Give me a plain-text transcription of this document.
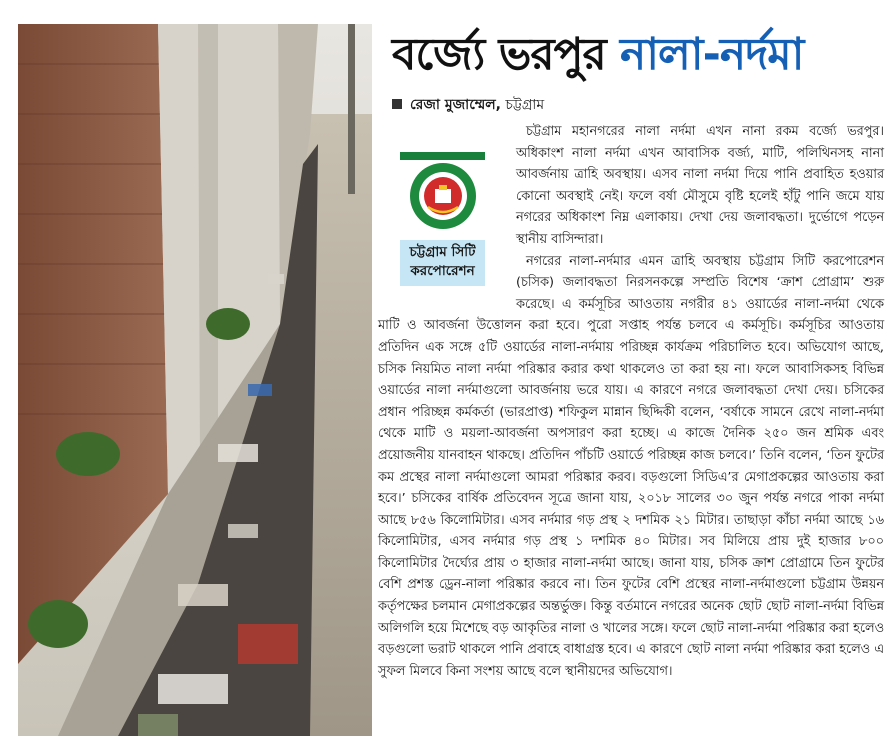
বর্জ্যে ভরপুর নালা-নর্দমা
রেজা মুজাম্মেল, চট্টগ্রাম
চট্টগ্রাম সিটি
করপোরেশন

চট্টগ্রাম মহানগরের নালা নর্দমা এখন নানা রকম বর্জ্যে ভরপুর। অধিকাংশ নালা নর্দমা এখন আবাসিক বর্জ্য, মাটি, পলিথিনসহ নানা আবর্জনায় ত্রাহি অবস্থায়। এসব নালা নর্দমা দিয়ে পানি প্রবাহিত হওয়ার কোনো অবস্থাই নেই। ফলে বর্ষা মৌসুমে বৃষ্টি হলেই হাঁটু পানি জমে যায় নগরের অধিকাংশ নিম্ন এলাকায়। দেখা দেয় জলাবদ্ধতা। দুর্ভোগে পড়েন স্থানীয় বাসিন্দারা।

নগরের নালা-নর্দমার এমন ত্রাহি অবস্থায় চট্টগ্রাম সিটি করপোরেশন (চসিক) জলাবদ্ধতা নিরসনকল্পে সম্প্রতি বিশেষ ‘ক্রাশ প্রোগ্রাম’ শুরু করেছে। এ কর্মসূচির আওতায় নগরীর ৪১ ওয়ার্ডের নালা-নর্দমা থেকে মাটি ও আবর্জনা উত্তোলন করা হবে। পুরো সপ্তাহ পর্যন্ত চলবে এ কর্মসূচি। কর্মসূচির আওতায় প্রতিদিন এক সঙ্গে ৫টি ওয়ার্ডের নালা-নর্দমায় পরিচ্ছন্ন কার্যক্রম পরিচালিত হবে। অভিযোগ আছে, চসিক নিয়মিত নালা নর্দমা পরিষ্কার করার কথা থাকলেও তা করা হয় না। ফলে আবাসিকসহ বিভিন্ন ওয়ার্ডের নালা নর্দমাগুলো আবর্জনায় ভরে যায়। এ কারণে নগরে জলাবদ্ধতা দেখা দেয়। চসিকের প্রধান পরিচ্ছন্ন কর্মকর্তা (ভারপ্রাপ্ত) শফিকুল মান্নান ছিদ্দিকী বলেন, ‘বর্ষাকে সামনে রেখে নালা-নর্দমা থেকে মাটি ও ময়লা-আবর্জনা অপসারণ করা হচ্ছে। এ কাজে দৈনিক ২৫০ জন শ্রমিক এবং প্রয়োজনীয় যানবাহন থাকছে। প্রতিদিন পাঁচটি ওয়ার্ডে পরিচ্ছন্ন কাজ চলবে।’ তিনি বলেন, ‘তিন ফুটের কম প্রস্থের নালা নর্দমাগুলো আমরা পরিষ্কার করব। বড়গুলো সিডিএ’র মেগাপ্রকল্পের আওতায় করা হবে।’ চসিকের বার্ষিক প্রতিবেদন সূত্রে জানা যায়, ২০১৮ সালের ৩০ জুন পর্যন্ত নগরে পাকা নর্দমা আছে ৮৫৬ কিলোমিটার। এসব নর্দমার গড় প্রস্থ ২ দশমিক ২১ মিটার। তাছাড়া কাঁচা নর্দমা আছে ১৬ কিলোমিটার, এসব নর্দমার গড় প্রস্থ ১ দশমিক ৪০ মিটার। সব মিলিয়ে প্রায় দুই হাজার ৮০০ কিলোমিটার দৈর্ঘ্যের প্রায় ৩ হাজার নালা-নর্দমা আছে। জানা যায়, চসিক ক্রাশ প্রোগ্রামে তিন ফুটের বেশি প্রশস্ত ড্রেন-নালা পরিষ্কার করবে না। তিন ফুটের বেশি প্রস্থের নালা-নর্দমাগুলো চট্টগ্রাম উন্নয়ন কর্তৃপক্ষের চলমান মেগাপ্রকল্পের অন্তর্ভুক্ত। কিন্তু বর্তমানে নগরের অনেক ছোট ছোট নালা-নর্দমা বিভিন্ন অলিগলি হয়ে মিশেছে বড় আকৃতির নালা ও খালের সঙ্গে। ফলে ছোট নালা-নর্দমা পরিষ্কার করা হলেও বড়গুলো ভরাট থাকলে পানি প্রবাহে বাধাগ্রস্ত হবে। এ কারণে ছোট নালা নর্দমা পরিষ্কার করা হলেও এ সুফল মিলবে কিনা সংশয় আছে বলে স্থানীয়দের অভিযোগ।
